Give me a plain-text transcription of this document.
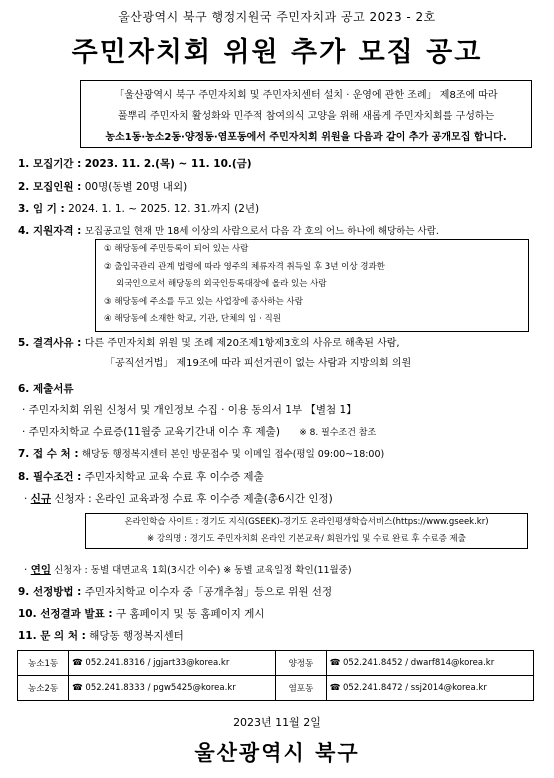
울산광역시 북구 행정지원국 주민자치과 공고 2023 - 2호
주민자치회 위원 추가 모집 공고
「울산광역시 북구 주민자치회 및 주민자치센터 설치 · 운영에 관한 조례」 제8조에 따라
풀뿌리 주민자치 활성화와 민주적 참여의식 고양을 위해 새롭게 주민자치회를 구성하는
농소1동·농소2동·양정동·염포동에서 주민자치회 위원을 다음과 같이 추가 공개모집 합니다.
1. 모집기간 : 2023. 11. 2.(목) ~ 11. 10.(금)
2. 모집인원 : 00명(동별 20명 내외)
3. 임 기 : 2024. 1. 1. ~ 2025. 12. 31.까지 (2년)
4. 지원자격 : 모집공고일 현재 만 18세 이상의 사람으로서 다음 각 호의 어느 하나에 해당하는 사람.
① 해당동에 주민등록이 되어 있는 사람
② 출입국관리 관계 법령에 따라 영주의 체류자격 취득일 후 3년 이상 경과한
외국인으로서 해당동의 외국인등록대장에 올라 있는 사람
③ 해당동에 주소를 두고 있는 사업장에 종사하는 사람
④ 해당동에 소재한 학교, 기관, 단체의 임 · 직원
5. 결격사유 : 다른 주민자치회 위원 및 조례 제20조제1항제3호의 사유로 해촉된 사람,
「공직선거법」 제19조에 따라 피선거권이 없는 사람과 지방의회 의원
6. 제출서류
· 주민자치회 위원 신청서 및 개인정보 수집 · 이용 동의서 1부 【별첨 1】
· 주민자치학교 수료증(11월중 교육기간내 이수 후 제출) ※ 8. 필수조건 참조
7. 접 수 처 : 해당동 행정복지센터 본인 방문접수 및 이메일 접수(평일 09:00~18:00)
8. 필수조건 : 주민자치학교 교육 수료 후 이수증 제출
· 신규 신청자 : 온라인 교육과정 수료 후 이수증 제출(총6시간 인정)
온라인학습 사이트 : 경기도 지식(GSEEK)-경기도 온라인평생학습서비스(https://www.gseek.kr)
※ 강의명 : 경기도 주민자치회 온라인 기본교육/ 회원가입 및 수료 완료 후 수료증 제출
· 연임 신청자 : 동별 대면교육 1회(3시간 이수) ※ 동별 교육일정 확인(11월중)
9. 선정방법 : 주민자치학교 이수자 중「공개추첨」등으로 위원 선정
10. 선정결과 발표 : 구 홈페이지 및 동 홈페이지 게시
11. 문 의 처 : 해당동 행정복지센터
농소1동	☎ 052.241.8316 / jgjart33@korea.kr	양정동	☎ 052.241.8452 / dwarf814@korea.kr
농소2동	☎ 052.241.8333 / pgw5425@korea.kr	염포동	☎ 052.241.8472 / ssj2014@korea.kr
2023년 11월 2일
울산광역시 북구
